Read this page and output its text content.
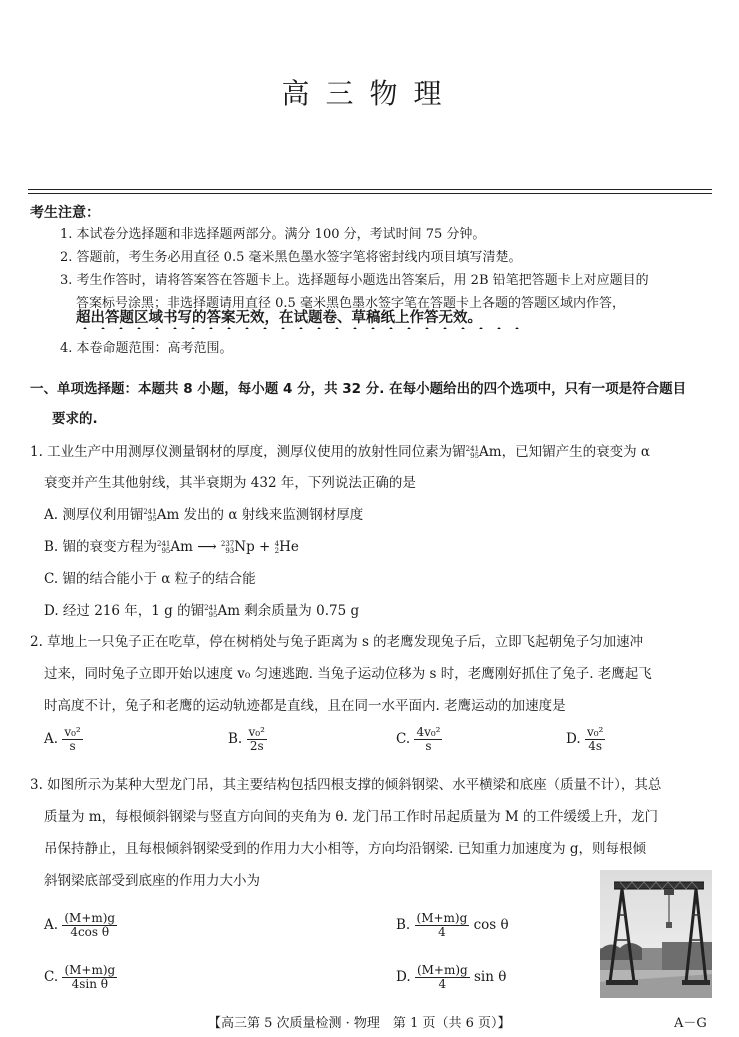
高三物理
考生注意：
1. 本试卷分选择题和非选择题两部分。满分 100 分，考试时间 75 分钟。
2. 答题前，考生务必用直径 0.5 毫米黑色墨水签字笔将密封线内项目填写清楚。
3. 考生作答时，请将答案答在答题卡上。选择题每小题选出答案后，用 2B 铅笔把答题卡上对应题目的
答案标号涂黑；非选择题请用直径 0.5 毫米黑色墨水签字笔在答题卡上各题的答题区域内作答，
超出答题区域书写的答案无效，在试题卷、草稿纸上作答无效。
4. 本卷命题范围：高考范围。
一、单项选择题：本题共 8 小题，每小题 4 分，共 32 分. 在每小题给出的四个选项中，只有一项是符合题目
要求的.
1. 工业生产中用测厚仪测量钢材的厚度，测厚仪使用的放射性同位素为镅 241
95 Am，已知镅产生的衰变为 α
衰变并产生其他射线，其半衰期为 432 年，下列说法正确的是
A. 测厚仪利用镅 241
95 Am 发出的 α 射线来监测钢材厚度
B. 镅的衰变方程为 241
95 Am ⟶ 237
93 Np + 4
2 He
C. 镅的结合能小于 α 粒子的结合能
D. 经过 216 年，1 g 的镅 241
95 Am 剩余质量为 0.75 g
2. 草地上一只兔子正在吃草，停在树梢处与兔子距离为 s 的老鹰发现兔子后，立即飞起朝兔子匀加速冲
过来，同时兔子立即开始以速度 v₀ 匀速逃跑. 当兔子运动位移为 s 时，老鹰刚好抓住了兔子. 老鹰起飞
时高度不计，兔子和老鹰的运动轨迹都是直线，且在同一水平面内. 老鹰运动的加速度是
A. $\frac{\text{v₀²}}{s}$	B. $\frac{\text{v₀²}}{2s}$	C. $\frac{\text{4v₀²}}{s}$	D. $\frac{\text{v₀²}}{4s}$
3. 如图所示为某种大型龙门吊，其主要结构包括四根支撑的倾斜钢梁、水平横梁和底座（质量不计），其总
质量为 m，每根倾斜钢梁与竖直方向间的夹角为 θ. 龙门吊工作时吊起质量为 M 的工件缓缓上升，龙门
吊保持静止，且每根倾斜钢梁受到的作用力大小相等，方向均沿钢梁. 已知重力加速度为 g，则每根倾
斜钢梁底部受到底座的作用力大小为
A. $\frac{(M+m)g}{\text{4cos θ}}$	B. $\frac{(M+m)g}{4}$ cos θ
C. $\frac{(M+m)g}{\text{4sin θ}}$	D. $\frac{(M+m)g}{4}$ sin θ
【高三第 5 次质量检测 · 物理　第 1 页（共 6 页）】	A－G
